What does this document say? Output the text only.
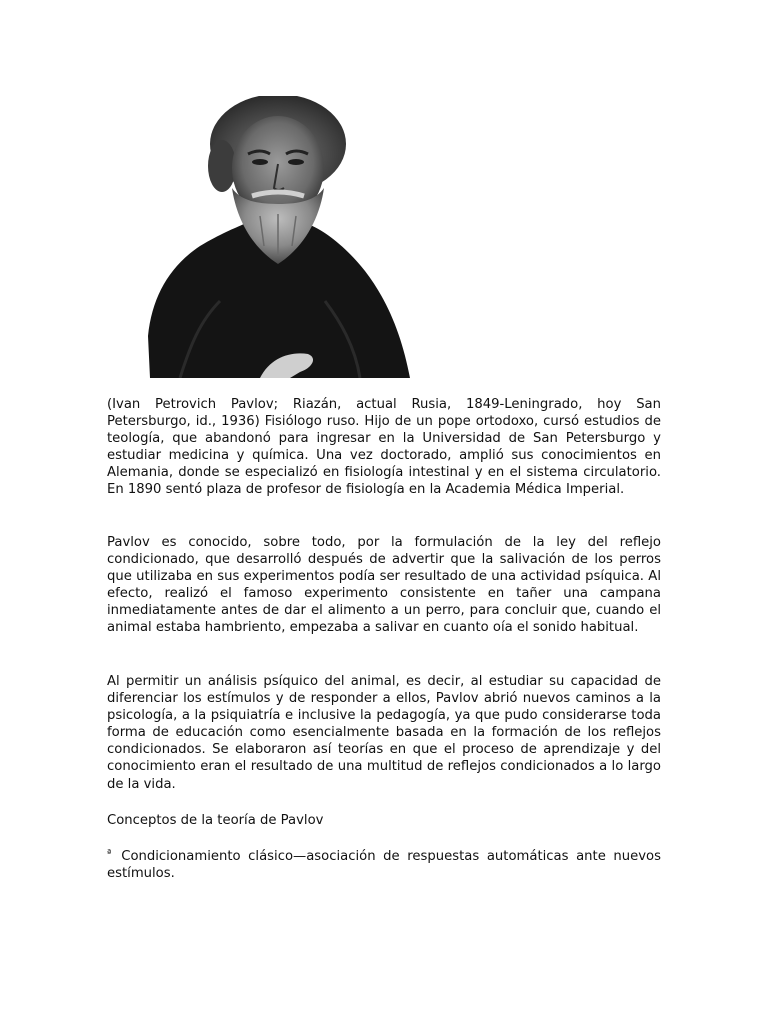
(Ivan Petrovich Pavlov; Riazán, actual Rusia, 1849-Leningrado, hoy San Petersburgo, id., 1936) Fisiólogo ruso. Hijo de un pope ortodoxo, cursó estudios de teología, que abandonó para ingresar en la Universidad de San Petersburgo y estudiar medicina y química. Una vez doctorado, amplió sus conocimientos en Alemania, donde se especializó en fisiología intestinal y en el sistema circulatorio. En 1890 sentó plaza de profesor de fisiología en la Academia Médica Imperial.

Pavlov es conocido, sobre todo, por la formulación de la ley del reflejo condicionado, que desarrolló después de advertir que la salivación de los perros que utilizaba en sus experimentos podía ser resultado de una actividad psíquica. Al efecto, realizó el famoso experimento consistente en tañer una campana inmediatamente antes de dar el alimento a un perro, para concluir que, cuando el animal estaba hambriento, empezaba a salivar en cuanto oía el sonido habitual.

Al permitir un análisis psíquico del animal, es decir, al estudiar su capacidad de diferenciar los estímulos y de responder a ellos, Pavlov abrió nuevos caminos a la psicología, a la psiquiatría e inclusive la pedagogía, ya que pudo considerarse toda forma de educación como esencialmente basada en la formación de los reflejos condicionados. Se elaboraron así teorías en que el proceso de aprendizaje y del conocimiento eran el resultado de una multitud de reflejos condicionados a lo largo de la vida.

Conceptos de la teoría de Pavlov

$^ª$ Condicionamiento clásico—asociación de respuestas automáticas ante nuevos estímulos.
